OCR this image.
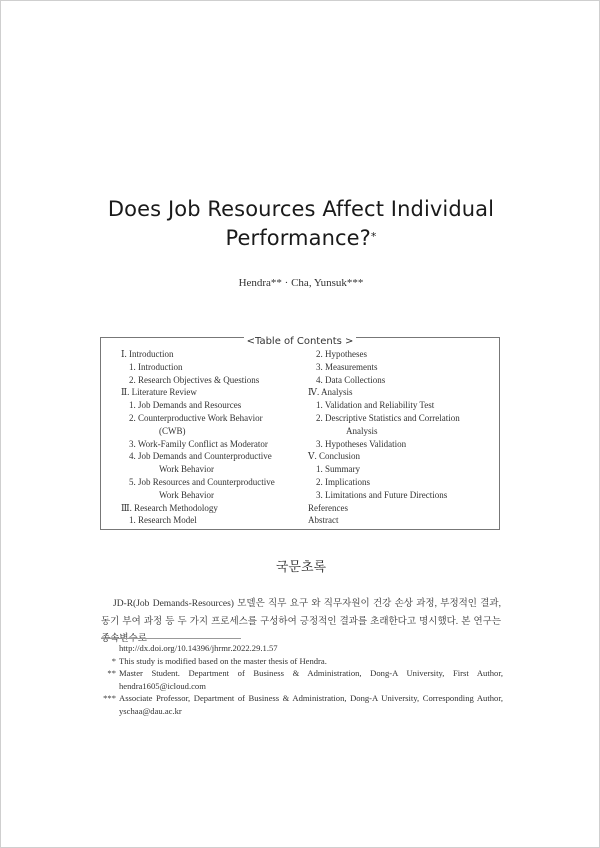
Does Job Resources Affect Individual
Performance?*
Hendra** · Cha, Yunsuk***
<Table of Contents >
Ⅰ. Introduction
1. Introduction
2. Research Objectives & Questions
Ⅱ. Literature Review
1. Job Demands and Resources
2. Counterproductive Work Behavior
(CWB)
3. Work-Family Conflict as Moderator
4. Job Demands and Counterproductive
Work Behavior
5. Job Resources and Counterproductive
Work Behavior
Ⅲ. Research Methodology
1. Research Model
2. Hypotheses
3. Measurements
4. Data Collections
Ⅳ. Analysis
1. Validation and Reliability Test
2. Descriptive Statistics and Correlation
Analysis
3. Hypotheses Validation
Ⅴ. Conclusion
1. Summary
2. Implications
3. Limitations and Future Directions
References
Abstract
국문초록

JD-R(Job Demands-Resources) 모델은 직무 요구 와 직무자원이 건강 손상 과정, 부정적인 결과, 동기 부여 과정 등 두 가지 프로세스를 구성하여 긍정적인 결과를 초래한다고 명시했다. 본 연구는 종속변수로

http://dx.doi.org/10.14396/jhrmr.2022.29.1.57
* This study is modified based on the master thesis of Hendra.
** Master Student. Department of Business & Administration, Dong-A University, First Author, hendra1605@icloud.com
*** Associate Professor, Department of Business & Administration, Dong-A University, Corresponding Author, yschaa@dau.ac.kr
